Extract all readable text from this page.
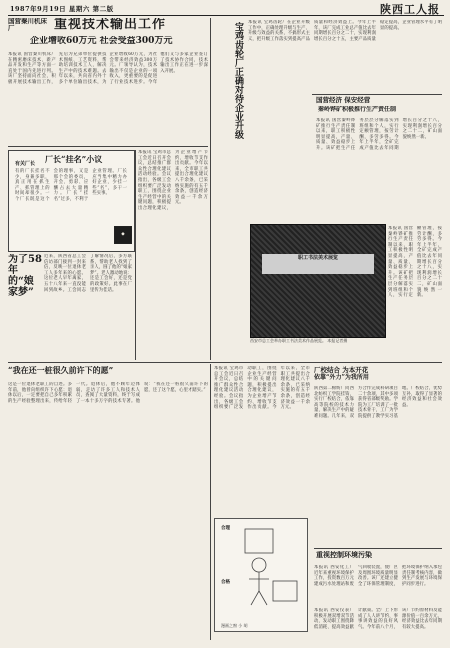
1987年9月19日 星期六 第二版	陕西工人报
国营秦川机床厂	重视技术输出工作
企业增收60万元 社会受益300万元
本报讯 国营秦川机床厂在精密磨床技术、新产品开发和生产等方面一直处于国内先进行列。该厂坚持面向社会，积极开展技术输出工作，先后为兄弟单位提供技术图纸、工艺资料，帮助培训技术工人，解决生产中的技术难题。去年以来，共向省内外十多个单位输出技术，为企业增收60万元，为社会带来经济效益300万元。厂领导认为，技术输出不仅是企业的一项收入，更重要的是促进了行业技术进步。今年他们又与多家企业签订了技术协作合同，技术输出工作正在进一步深入开展。
有关厂长 厂长“挂名”小议
有的厂长挂名不少，身兼多职，真正用在抓生产、抓管理上的时间却很少。一个厂长既是这个会的理事，又是那个会的委员，开会、剪彩、应酬占去大量精力。厂长“挂名”过多，不利于企业管理。厂长应当集中精力办好企业，少挂一些“名”，多干一些实事。
◆
为了58年的“娘家梦”
近来，陕西省总工会信访部门接到一封来信，反映一位退休老工人多年来的心愿。这位老人早年离家，五十八年来一直没能回到故乡。工会同志了解情况后，多方联系，帮助老人找到了亲人，圆了他的“娘家梦”。老人激动地说：还是工会好，还是党的政策好。此事在厂里传为佳话。
本报讯 宝鸡市总工会近日召开会议，总结推广群众性合理化建议活动经验。会议指出，各级工会组织要广泛发动职工，围绕企业生产经营中的关键问题，积极提出合理化建议，为企业增产节约、增收节支作出贡献。今年以来，全市职工共提出合理化建议八千余条，已采纳实施的有五千余条，创造经济效益一千余万元。
宝鸡齿轮厂正确对待企业升级 本报讯 宝鸡齿轮厂在企业升级工作中，正确处理升级与生产、升级与效益的关系，不搞形式主义，把升级工作落实到提高产品质量和经济效益上。今年上半年，该厂完成工业总产值比去年同期增长百分之二十，实现利润增长百分之十五，主要产品质量稳定提高，企业管理水平有了明显的提高。
国营经济 保安经营
秦岭铧矿积极推行生产责任制
本报讯 国营秦岭铧矿推行生产责任制以来，职工积极性明显提高，产量、质量、效益稳步上升。该矿把生产任务层层分解落实到班组和个人，实行定额管理，按劳计酬，多劳多得。今年上半年，全矿完成产值比去年同期增长百分之十八，实现利润增长百分之二十二，矿山面貌焕然一新。
职工书法美术展览
西安市总工会举办职工书法美术作品展览。 本报记者摄
本报讯 国营秦岭铧矿推行生产责任制以来，职工积极性明显提高，产量、质量、效益稳步上升。该矿把生产任务层层分解落实到班组和个人，实行定额管理，按劳计酬，多劳多得。今年上半年，全矿完成产值比去年同期增长百分之十八，实现利润增长百分之二十二，矿山面貌焕然一新。
“我在还一桩很久前许下的愿”
这是一位退休老职工的自述。多年前，他曾向组织许下心愿：退休以后，一定要把自己多年积累的生产经验整理出来，传给年轻一代。退休后，他不顾年迈体弱，走访了许多工人和技术人员，查阅了大量资料，终于写成了一本十多万字的技术专著。他说：“我在还一桩很久前许下的愿，还了这个愿，心里才踏实。”
本报讯 宝鸡市总工会近日召开会议，总结推广群众性合理化建议活动经验。会议指出，各级工会组织要广泛发动职工，围绕企业生产经营中的关键问题，积极提出合理化建议，为企业增产节约、增收节支作出贡献。今年以来，全市职工共提出合理化建议八千余条，已采纳实施的有五千余条，创造经济效益一千余万元。
合理
合格
漫画之窗 小 胡
厂校结合 为本开花
依靠“外力”为我所用
陕西第二棉纺厂同西北纺织工学院挂钩，实行厂校结合，依靠高等院校的技术力量，解决生产中的疑难问题。几年来，双方合作完成科研项目二十余项，其中多项获得省部级奖励。学院为工厂培训了一批技术骨干，工厂为学院提供了教学实习基地。厂校结合，优势互补，取得了显著的经济效益和社会效益。
重视控制环境污染
本报讯 西安化工厂近年来重视环境保护工作，投资数百万元建成污水处理站和废气回收装置，使厂区及周围环境质量明显改善。该厂还建立健全了环保管理制度，把环境保护纳入承包责任制考核内容，做到生产发展与环境保护同步进行。
本报讯 西安仪表厂积极开展双增双节活动，发动职工围绕降低消耗、提高效益献计献策。全厂上下形成了人人讲节约、事事讲效益的良好风气。今年前八个月，该厂节约原材料及能源价值一百余万元，经济效益比去年同期有较大提高。
